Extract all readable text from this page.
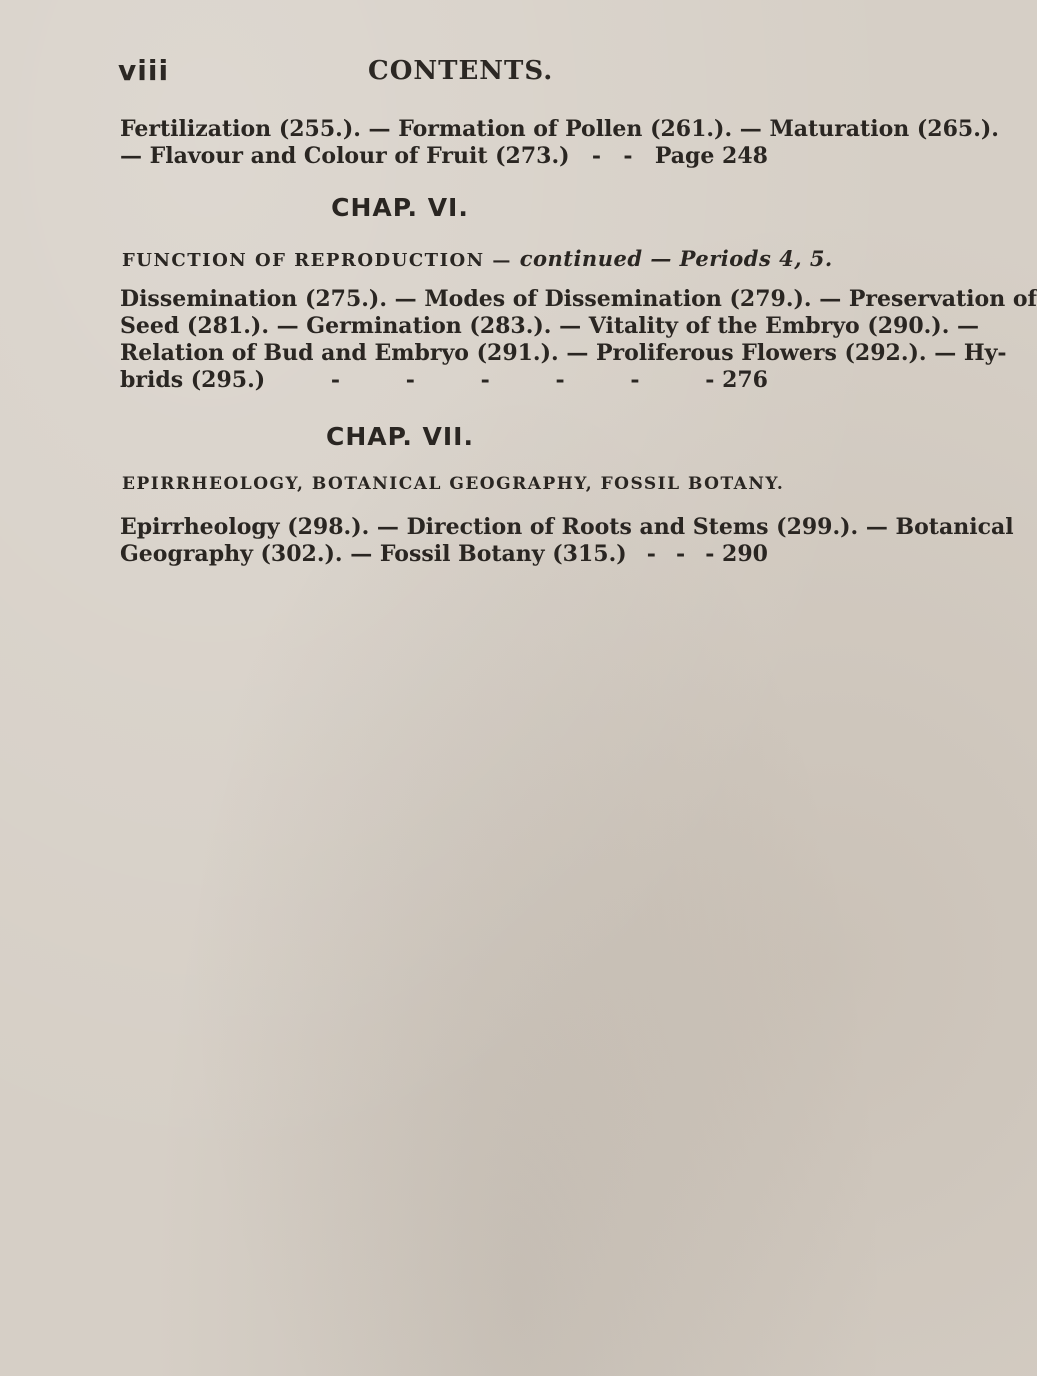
viii	CONTENTS.
Fertilization (255.). — Formation of Pollen (261.). — Maturation (265.).
— Flavour and Colour of Fruit (273.) - - Page 248
CHAP. VI.
FUNCTION OF REPRODUCTION — continued — Periods 4, 5.
Dissemination (275.). — Modes of Dissemination (279.). — Preservation of
Seed (281.). — Germination (283.). — Vitality of the Embryo (290.). —
Relation of Bud and Embryo (291.). — Proliferous Flowers (292.). — Hy-
brids (295.)	-	-	-	-	-	- 276
CHAP. VII.
EPIRRHEOLOGY, BOTANICAL GEOGRAPHY, FOSSIL BOTANY.
Epirrheology (298.). — Direction of Roots and Stems (299.). — Botanical
Geography (302.). — Fossil Botany (315.) - - - 290
